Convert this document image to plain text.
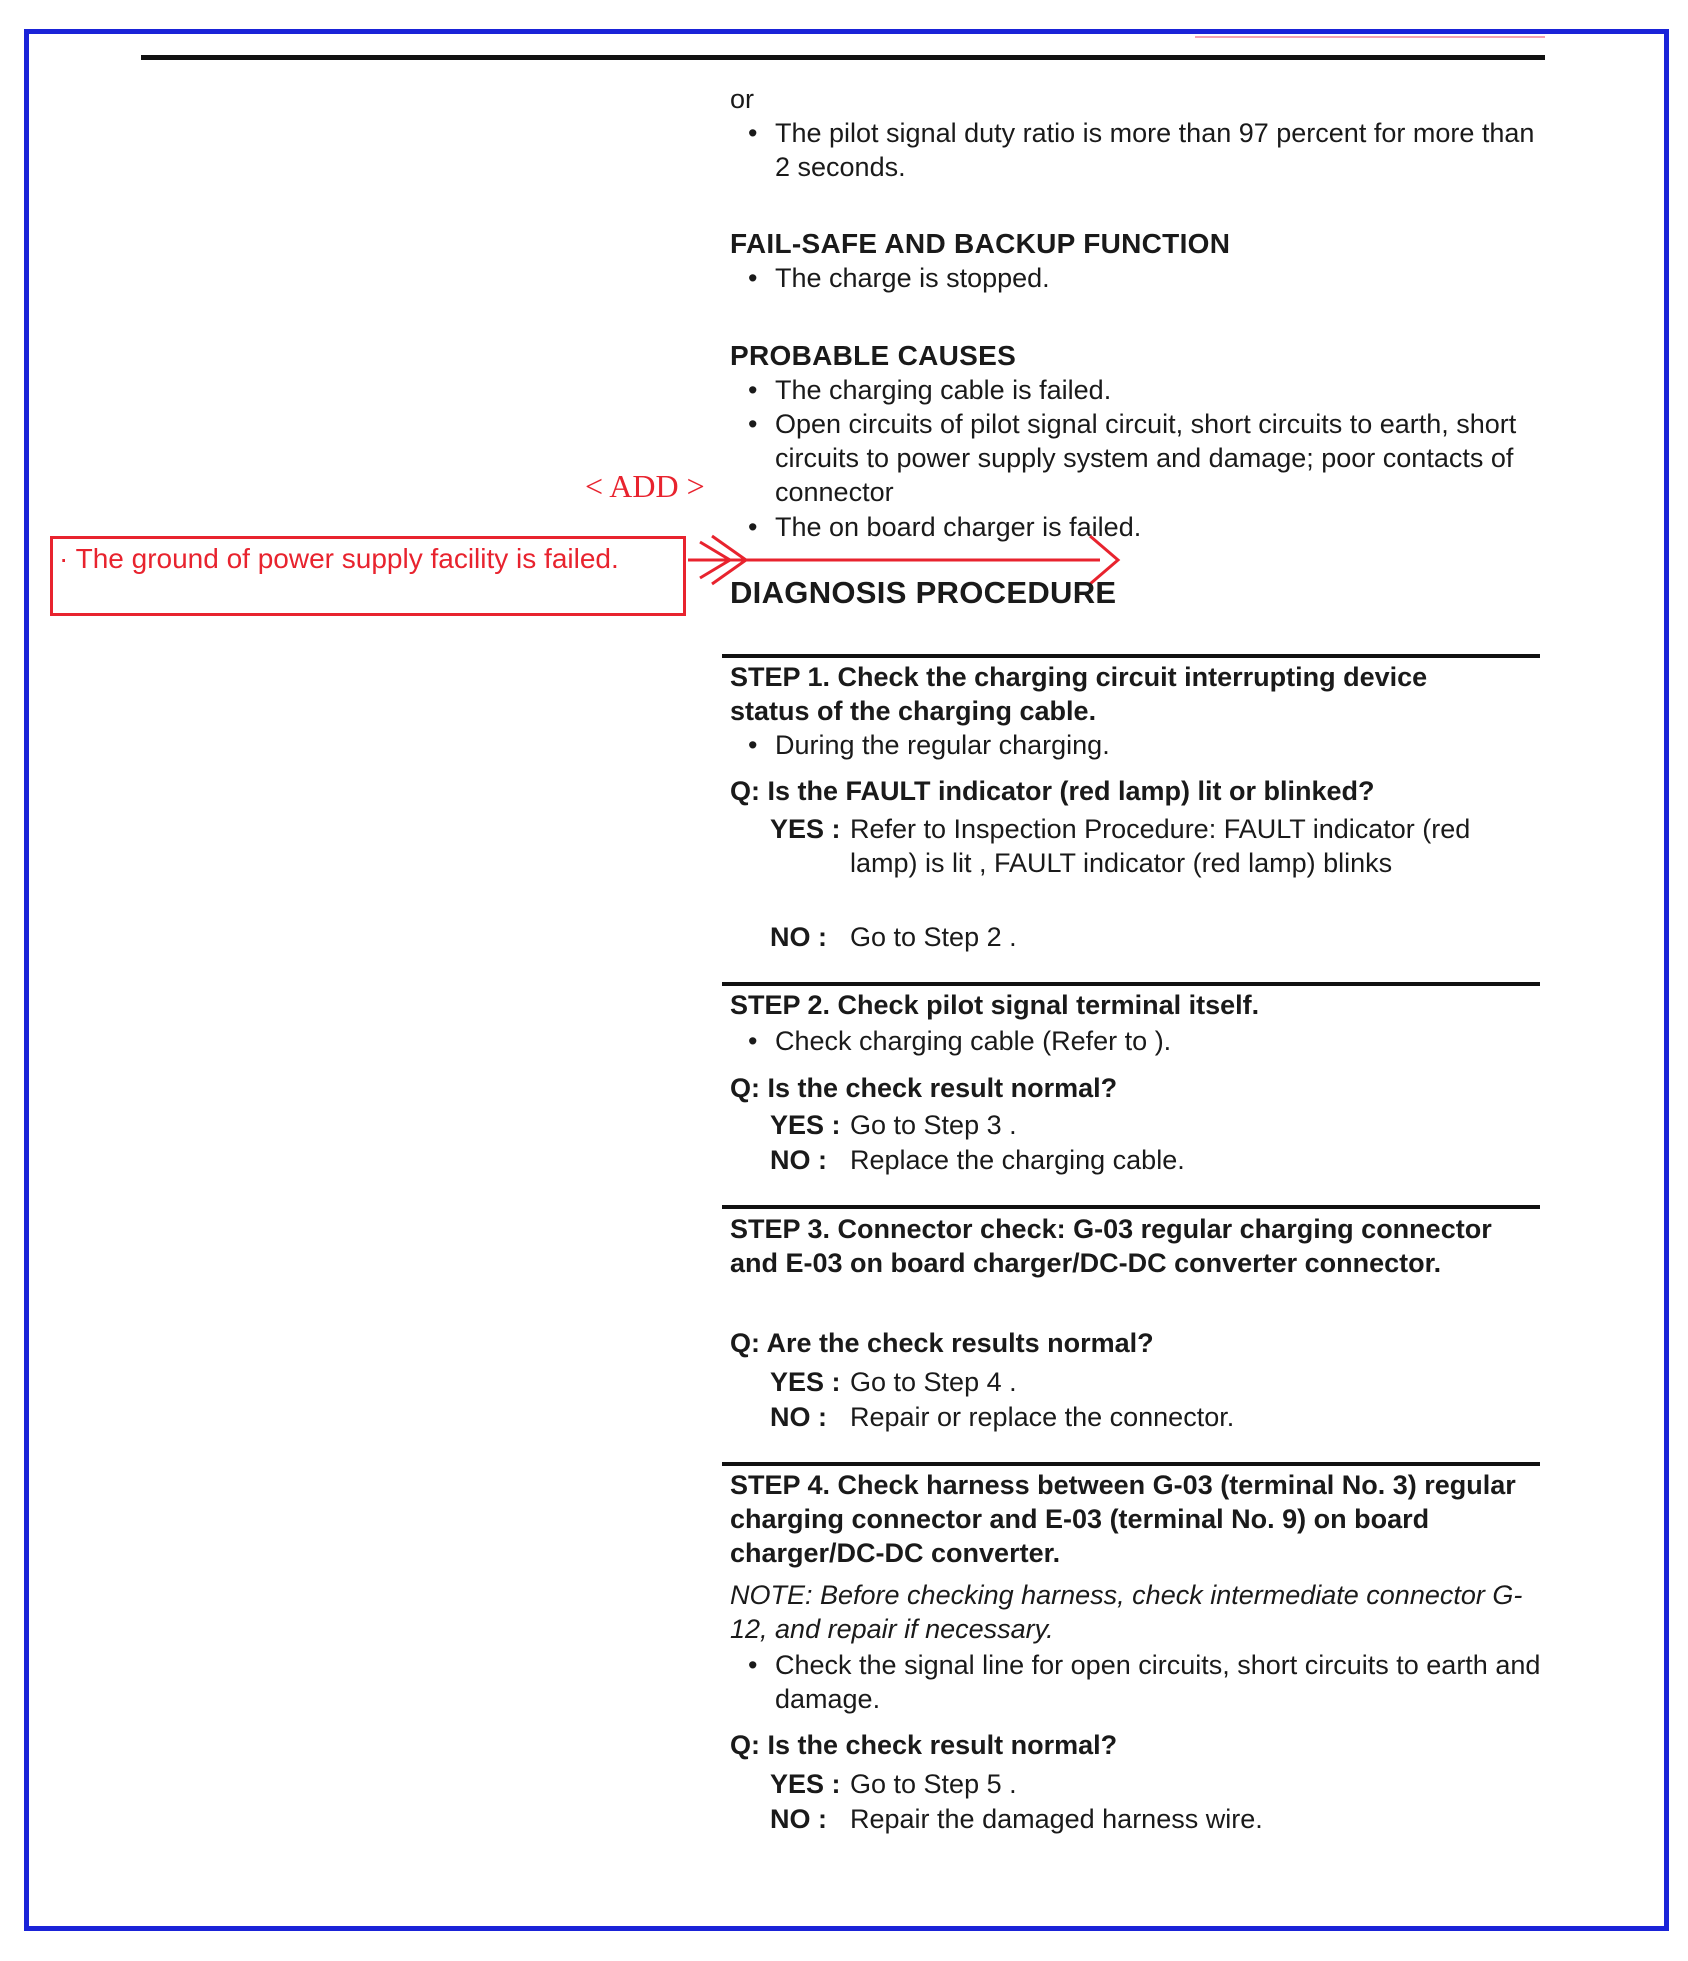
or
• The pilot signal duty ratio is more than 97 percent for more than 2 seconds.
FAIL-SAFE AND BACKUP FUNCTION
• The charge is stopped.
PROBABLE CAUSES
• The charging cable is failed.
• Open circuits of pilot signal circuit, short circuits to earth, short circuits to power supply system and damage; poor contacts of connector
• The on board charger is failed.
< ADD >
· The ground of power supply facility is failed.
DIAGNOSIS PROCEDURE
STEP 1. Check the charging circuit interrupting device status of the charging cable.
• During the regular charging.
Q: Is the FAULT indicator (red lamp) lit or blinked?
YES : Refer to Inspection Procedure: FAULT indicator (red lamp) is lit , FAULT indicator (red lamp) blinks
NO : Go to Step 2 .
STEP 2. Check pilot signal terminal itself.
• Check charging cable (Refer to ).
Q: Is the check result normal?
YES : Go to Step 3 .
NO : Replace the charging cable.
STEP 3. Connector check: G-03 regular charging connector and E-03 on board charger/DC-DC converter connector.
Q: Are the check results normal?
YES : Go to Step 4 .
NO : Repair or replace the connector.
STEP 4. Check harness between G-03 (terminal No. 3) regular charging connector and E-03 (terminal No. 9) on board charger/DC-DC converter.
NOTE: Before checking harness, check intermediate connector G-12, and repair if necessary.
• Check the signal line for open circuits, short circuits to earth and damage.
Q: Is the check result normal?
YES : Go to Step 5 .
NO : Repair the damaged harness wire.
